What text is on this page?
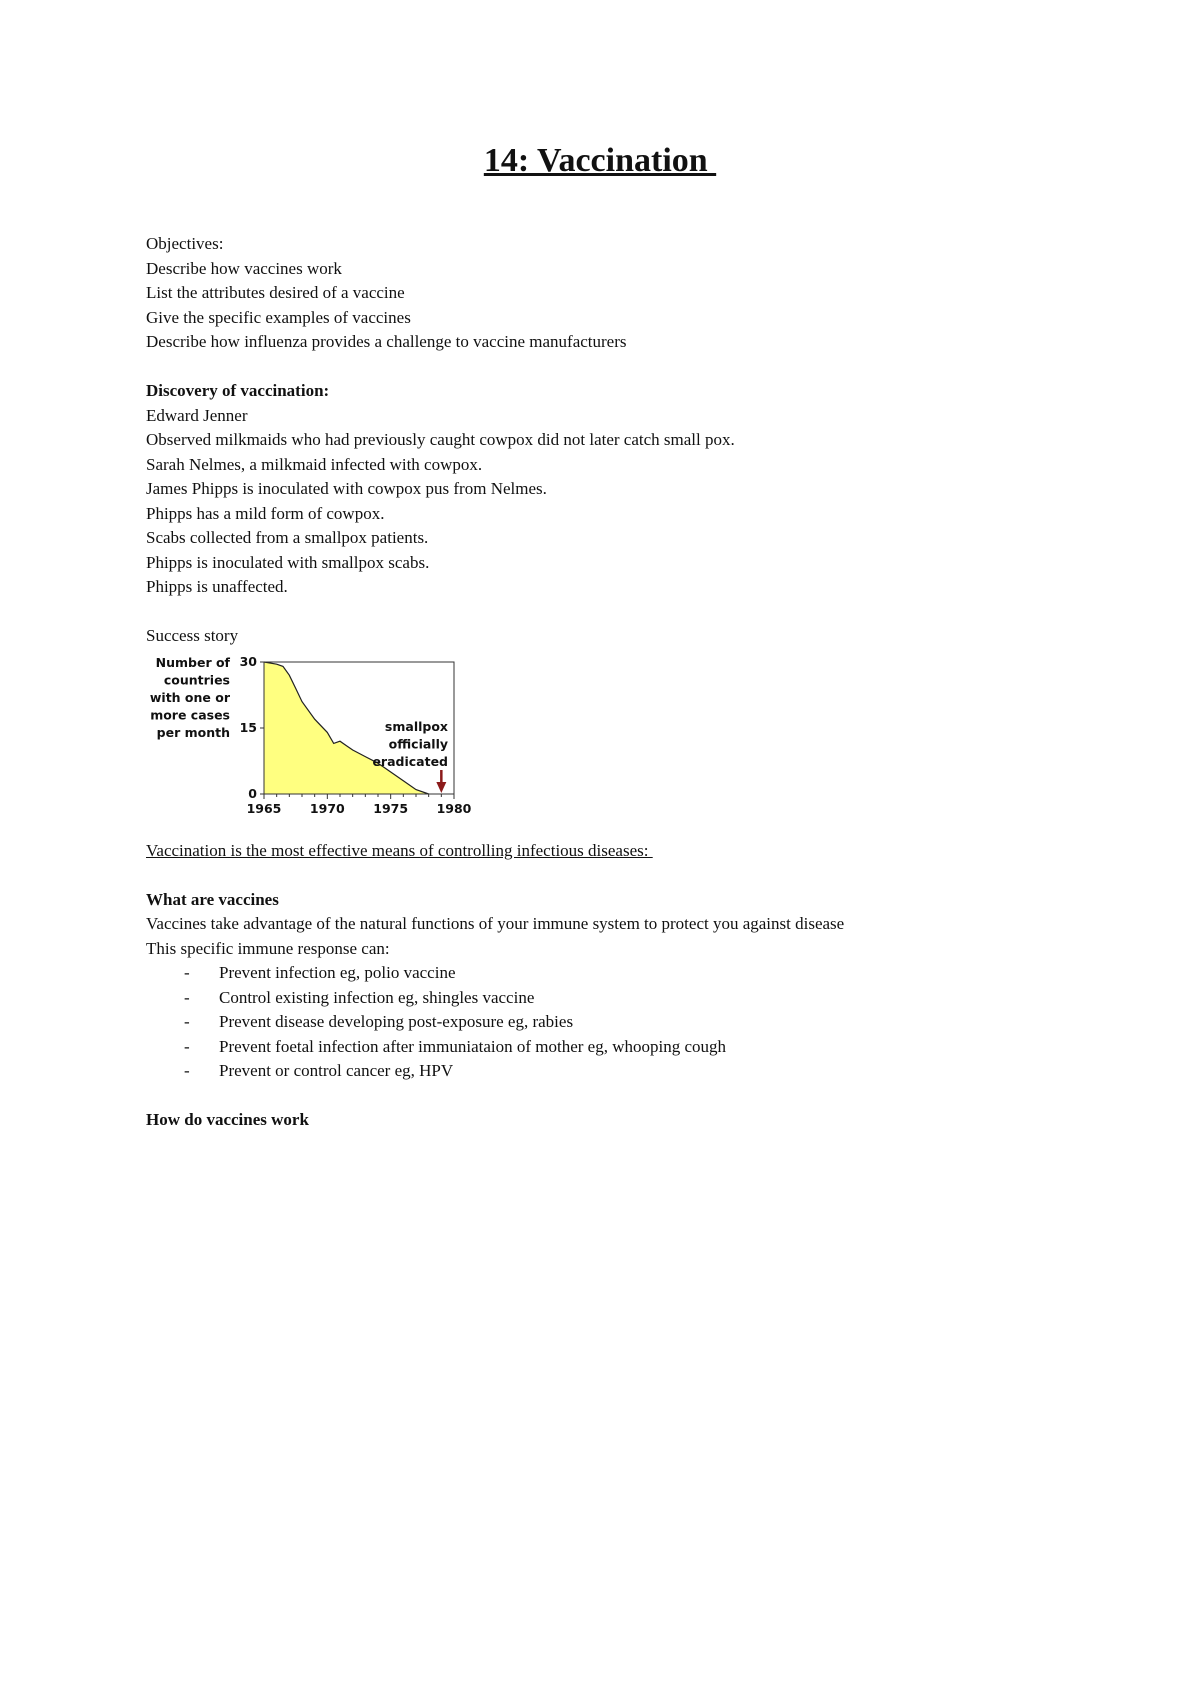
14: Vaccination

Objectives:

Describe how vaccines work

List the attributes desired of a vaccine

Give the specific examples of vaccines

Describe how influenza provides a challenge to vaccine manufacturers

Discovery of vaccination:

Edward Jenner

Observed milkmaids who had previously caught cowpox did not later catch small pox.

Sarah Nelmes, a milkmaid infected with cowpox.

James Phipps is inoculated with cowpox pus from Nelmes.

Phipps has a mild form of cowpox.

Scabs collected from a smallpox patients.

Phipps is inoculated with smallpox scabs.

Phipps is unaffected.

Success story

0
15
30
1965 1970 1975 1980
Number of
countries
with one or
more cases
per month	smallpox
officially
eradicated

Vaccination is the most effective means of controlling infectious diseases:

What are vaccines

Vaccines take advantage of the natural functions of your immune system to protect you against disease

This specific immune response can:

- Prevent infection eg, polio vaccine
- Control existing infection eg, shingles vaccine
- Prevent disease developing post-exposure eg, rabies
- Prevent foetal infection after immuniataion of mother eg, whooping cough
- Prevent or control cancer eg, HPV

How do vaccines work
